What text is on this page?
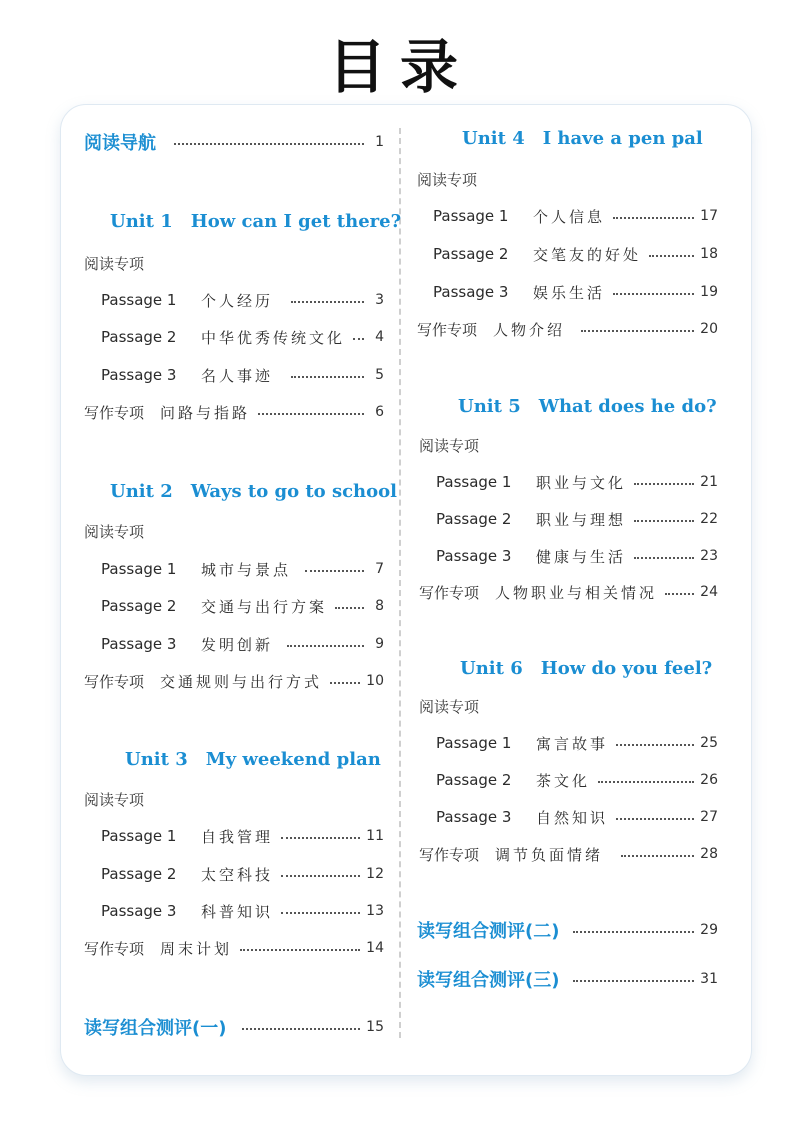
目录
阅读导航	1
Unit 1 How can I get there?
阅读专项
Passage 1	个人经历	3
Passage 2	中华优秀传统文化	4
Passage 3	名人事迹	5
写作专项 问路与指路	6
Unit 2 Ways to go to school
阅读专项
Passage 1	城市与景点	7
Passage 2	交通与出行方案	8
Passage 3	发明创新	9
写作专项 交通规则与出行方式	10
Unit 3 My weekend plan
阅读专项
Passage 1	自我管理	11
Passage 2	太空科技	12
Passage 3	科普知识	13
写作专项 周末计划	14
读写组合测评(一)	15
Unit 4 I have a pen pal
阅读专项
Passage 1	个人信息	17
Passage 2	交笔友的好处	18
Passage 3	娱乐生活	19
写作专项 人物介绍	20
Unit 5 What does he do?
阅读专项
Passage 1	职业与文化	21
Passage 2	职业与理想	22
Passage 3	健康与生活	23
写作专项 人物职业与相关情况	24
Unit 6 How do you feel?
阅读专项
Passage 1	寓言故事	25
Passage 2	茶文化	26
Passage 3	自然知识	27
写作专项 调节负面情绪	28
读写组合测评(二)	29
读写组合测评(三)	31
